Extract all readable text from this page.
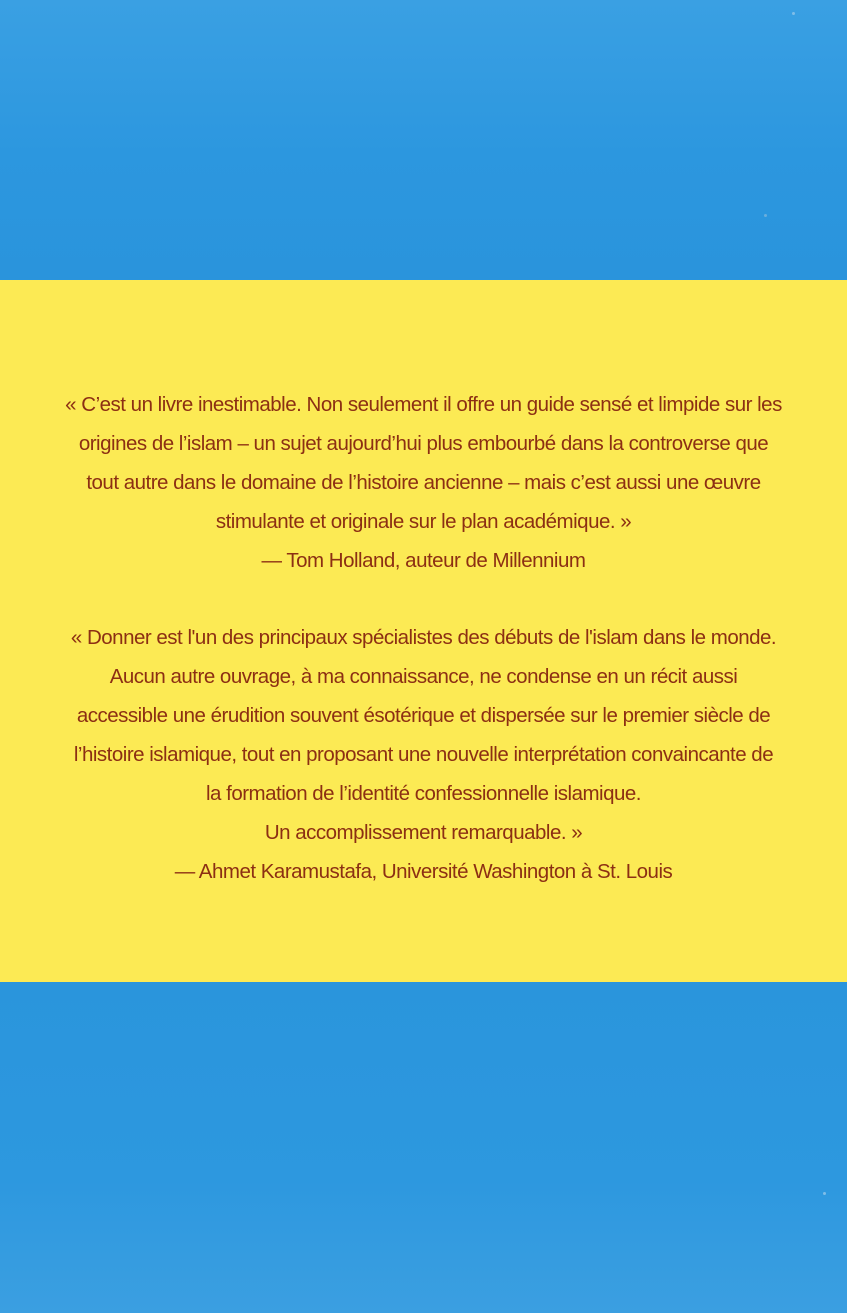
« C’est un livre inestimable. Non seulement il offre un guide sensé et limpide sur les
origines de l’islam – un sujet aujourd’hui plus embourbé dans la controverse que
tout autre dans le domaine de l’histoire ancienne – mais c’est aussi une œuvre
stimulante et originale sur le plan académique. »
— Tom Holland, auteur de Millennium

« Donner est l'un des principaux spécialistes des débuts de l'islam dans le monde.
Aucun autre ouvrage, à ma connaissance, ne condense en un récit aussi
accessible une érudition souvent ésotérique et dispersée sur le premier siècle de
l’histoire islamique, tout en proposant une nouvelle interprétation convaincante de
la formation de l’identité confessionnelle islamique.
Un accomplissement remarquable. »
— Ahmet Karamustafa, Université Washington à St. Louis
